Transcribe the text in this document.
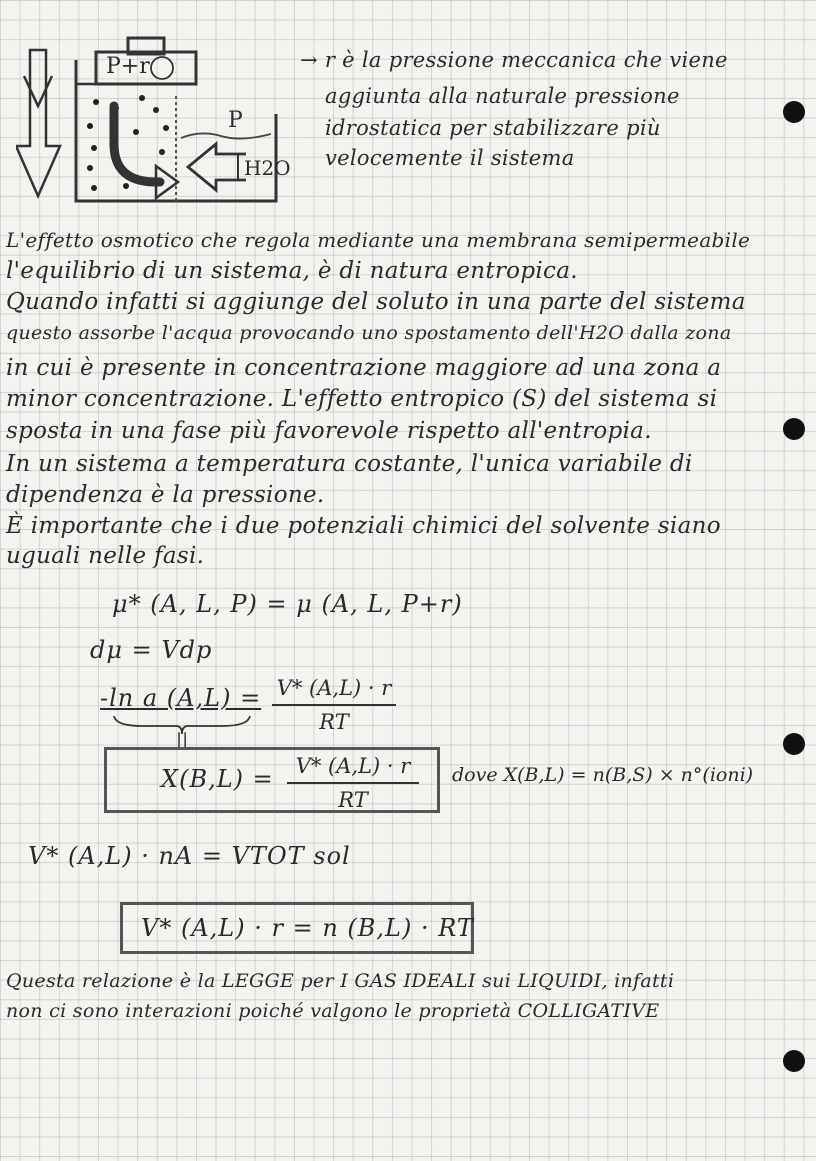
P+r
P
H2O
→ r è la pressione meccanica che viene
aggiunta alla naturale pressione
idrostatica per stabilizzare più
velocemente il sistema
L'effetto osmotico che regola mediante una membrana semipermeabile
l'equilibrio di un sistema, è di natura entropica.
Quando infatti si aggiunge del soluto in una parte del sistema
questo assorbe l'acqua provocando uno spostamento dell'H2O dalla zona
in cui è presente in concentrazione maggiore ad una zona a
minor concentrazione. L'effetto entropico (S) del sistema si
sposta in una fase più favorevole rispetto all'entropia.
In un sistema a temperatura costante, l'unica variabile di
dipendenza è la pressione.
È importante che i due potenziali chimici del solvente siano
uguali nelle fasi.
μ* (A, L, P) = μ (A, L, P+r)
dμ = Vdp
-ln a (A,L) = V* (A,L) · r
RT
||
X(B,L) =	V* (A,L) · r
RT
dove X(B,L) = n(B,S) × n°(ioni)
V* (A,L) · nA = VTOT sol
V* (A,L) · r = n (B,L) · RT
Questa relazione è la LEGGE per I GAS IDEALI sui LIQUIDI, infatti
non ci sono interazioni poiché valgono le proprietà COLLIGATIVE
